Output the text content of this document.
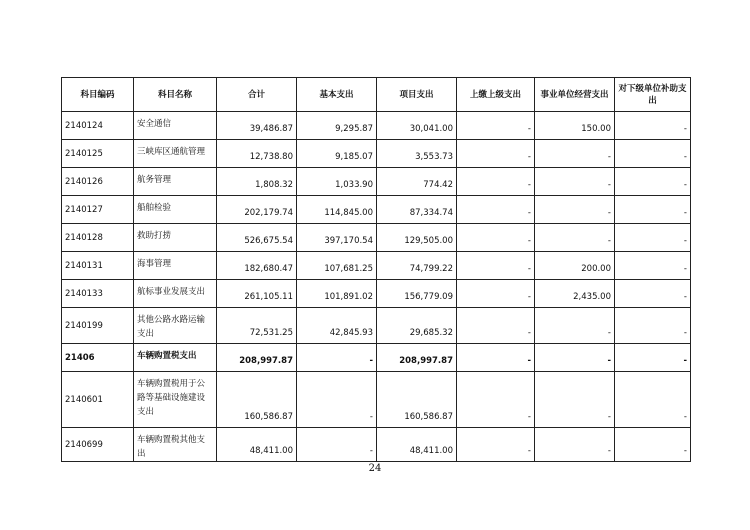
科目编码	科目名称	合计	基本支出	项目支出	上缴上级支出	事业单位经营支出	对下级单位补助支出
2140124	安全通信	39,486.87	9,295.87	30,041.00	-	150.00	-
2140125	三峡库区通航管理	12,738.80	9,185.07	3,553.73	-	-	-
2140126	航务管理	1,808.32	1,033.90	774.42	-	-	-
2140127	船舶检验	202,179.74	114,845.00	87,334.74	-	-	-
2140128	救助打捞	526,675.54	397,170.54	129,505.00	-	-	-
2140131	海事管理	182,680.47	107,681.25	74,799.22	-	200.00	-
2140133	航标事业发展支出	261,105.11	101,891.02	156,779.09	-	2,435.00	-
2140199	其他公路水路运输支出	72,531.25	42,845.93	29,685.32	-	-	-
21406	车辆购置税支出	208,997.87	-	208,997.87	-	-	-
2140601	车辆购置税用于公路等基础设施建设支出	160,586.87	-	160,586.87	-	-	-
2140699	车辆购置税其他支出	48,411.00	-	48,411.00	-	-	-
24
